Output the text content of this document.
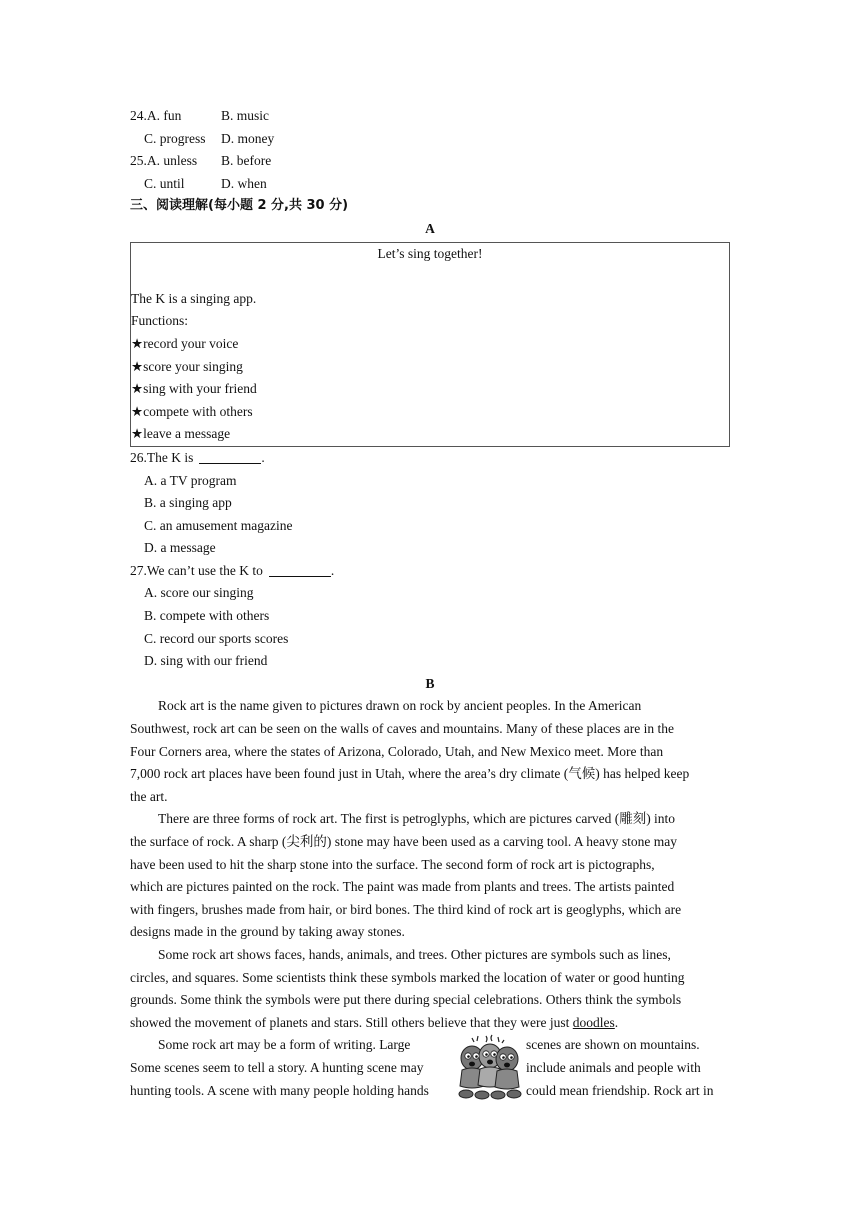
24.A. fun	B. music
C. progress	D. money
25.A. unless	B. before
C. until	D. when
三、阅读理解(每小题 2 分,共 30 分)
A
Let’s sing together!
The K is a singing app.
Functions:
★record your voice
★score your singing
★sing with your friend
★compete with others
★leave a message
26.The K is	.
A. a TV program
B. a singing app
C. an amusement magazine
D. a message
27.We can’t use the K to	.
A. score our singing
B. compete with others
C. record our sports scores
D. sing with our friend
B
Rock art is the name given to pictures drawn on rock by ancient peoples. In the American
Southwest, rock art can be seen on the walls of caves and mountains. Many of these places are in the
Four Corners area, where the states of Arizona, Colorado, Utah, and New Mexico meet. More than
7,000 rock art places have been found just in Utah, where the area’s dry climate (气候) has helped keep
the art.
There are three forms of rock art. The first is petroglyphs, which are pictures carved (雕刻) into
the surface of rock. A sharp (尖利的) stone may have been used as a carving tool. A heavy stone may
have been used to hit the sharp stone into the surface. The second form of rock art is pictographs,
which are pictures painted on the rock. The paint was made from plants and trees. The artists painted
with fingers, brushes made from hair, or bird bones. The third kind of rock art is geoglyphs, which are
designs made in the ground by taking away stones.
Some rock art shows faces, hands, animals, and trees. Other pictures are symbols such as lines,
circles, and squares. Some scientists think these symbols marked the location of water or good hunting
grounds. Some think the symbols were put there during special celebrations. Others think the symbols
showed the movement of planets and stars. Still others believe that they were just doodles.
Some rock art may be a form of writing. Large
Some scenes seem to tell a story. A hunting scene may
hunting tools. A scene with many people holding hands
scenes are shown on mountains.
include animals and people with
could mean friendship. Rock art in
